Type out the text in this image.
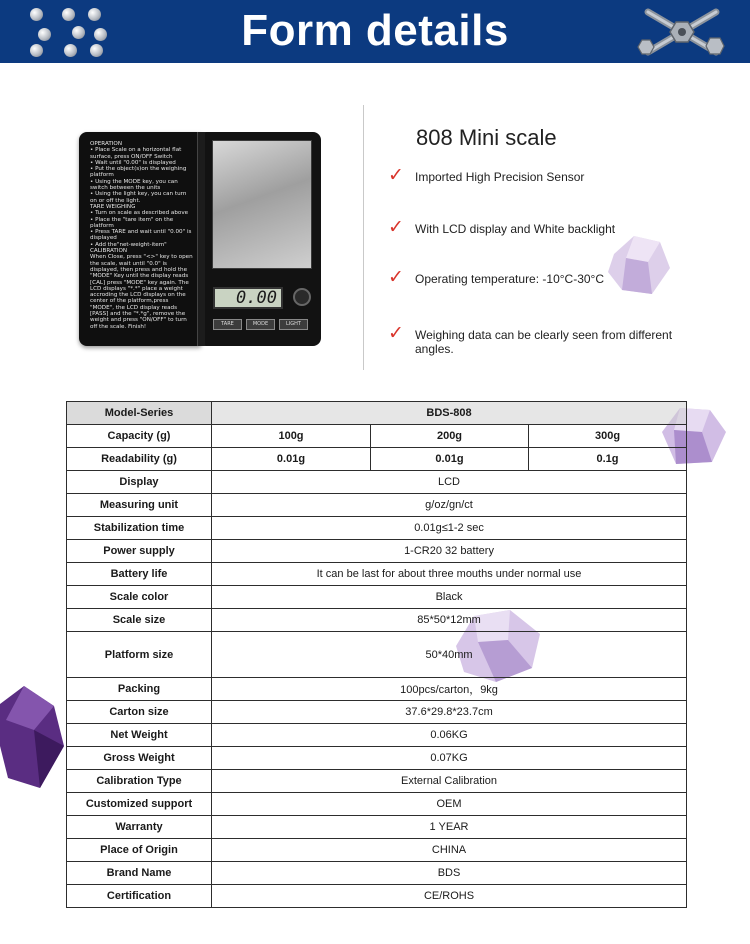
Form details
OPERATION
• Place Scale on a horizontal flat surface, press ON/OFF Switch
• Wait until "0.00" is displayed
• Put the object(s)on the weighing platform
• Using the MODE key, you can switch between the units
• Using the light key, you can turn on or off the light.
TARE WEIGHING
• Turn on scale as described above
• Place the "tare item" on the platform
• Press TARE and wait until "0.00" is displayed
• Add the"net-weight-item"
CALIBRATION
When Close, press "<>" key to open the scale, wait until "0.0" is displayed, then press and hold the "MODE" Key until the display reads [CAL] press "MODE" key again. The LCD displays "*.*" place a weight accroding the LCD displays on the center of the platform,press "MODE", the LCD display reads [PASS] and the "*.*g", remove the weight and press "ON/OFF" to turn off the scale. Finish!
0.00
TARE	MODE	LIGHT
808 Mini scale
✓ Imported High Precision Sensor
✓ With LCD display and White backlight
✓ Operating temperature: -10°C-30°C
✓ Weighing data can be clearly seen from different angles.
Model-Series	BDS-808		
Capacity (g)	100g	200g	300g
Readability (g)	0.01g	0.01g	0.1g
Display	LCD		
Measuring unit	g/oz/gn/ct		
Stabilization time	0.01g≤1-2 sec		
Power supply	1-CR20 32 battery		
Battery life	It can be last for about three mouths under normal use		
Scale color	Black		
Scale size	85*50*12mm		
Platform size	50*40mm		
Packing	100pcs/carton，9kg		
Carton size	37.6*29.8*23.7cm		
Net Weight	0.06KG		
Gross Weight	0.07KG		
Calibration Type	External Calibration		
Customized support	OEM		
Warranty	1 YEAR		
Place of Origin	CHINA		
Brand Name	BDS		
Certification	CE/ROHS		
